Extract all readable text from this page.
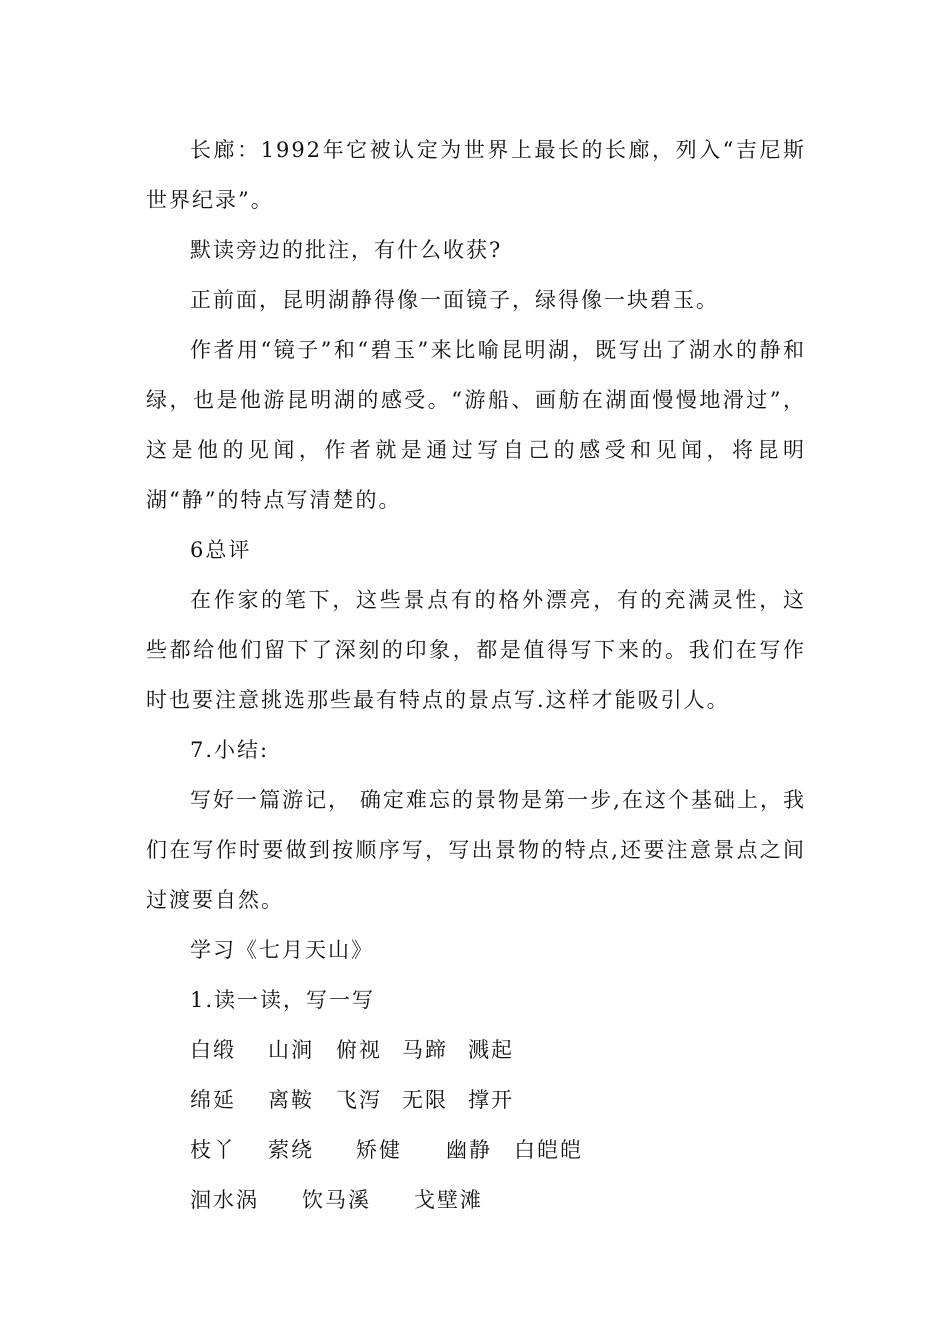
长廊：1992年它被认定为世界上最长的长廊，列入“吉尼斯世界纪录”。
默读旁边的批注，有什么收获?
正前面，昆明湖静得像一面镜子，绿得像一块碧玉。
作者用“镜子”和“碧玉”来比喻昆明湖，既写出了湖水的静和绿，也是他游昆明湖的感受。“游船、画舫在湖面慢慢地滑过”，这是他的见闻，作者就是通过写自己的感受和见闻，将昆明湖“静”的特点写清楚的。
6总评
在作家的笔下，这些景点有的格外漂亮，有的充满灵性，这些都给他们留下了深刻的印象，都是值得写下来的。我们在写作时也要注意挑选那些最有特点的景点写.这样才能吸引人。
7.小结:
写好一篇游记， 确定难忘的景物是第一步,在这个基础上，我们在写作时要做到按顺序写，写出景物的特点,还要注意景点之间过渡要自然。
学习《七月天山》
1.读一读，写一写
白缎 山涧 俯视 马蹄 溅起
绵延 离鞍 飞泻 无限 撑开
枝丫 萦绕 矫健 幽静 白皑皑
洄水涡 饮马溪 戈壁滩
